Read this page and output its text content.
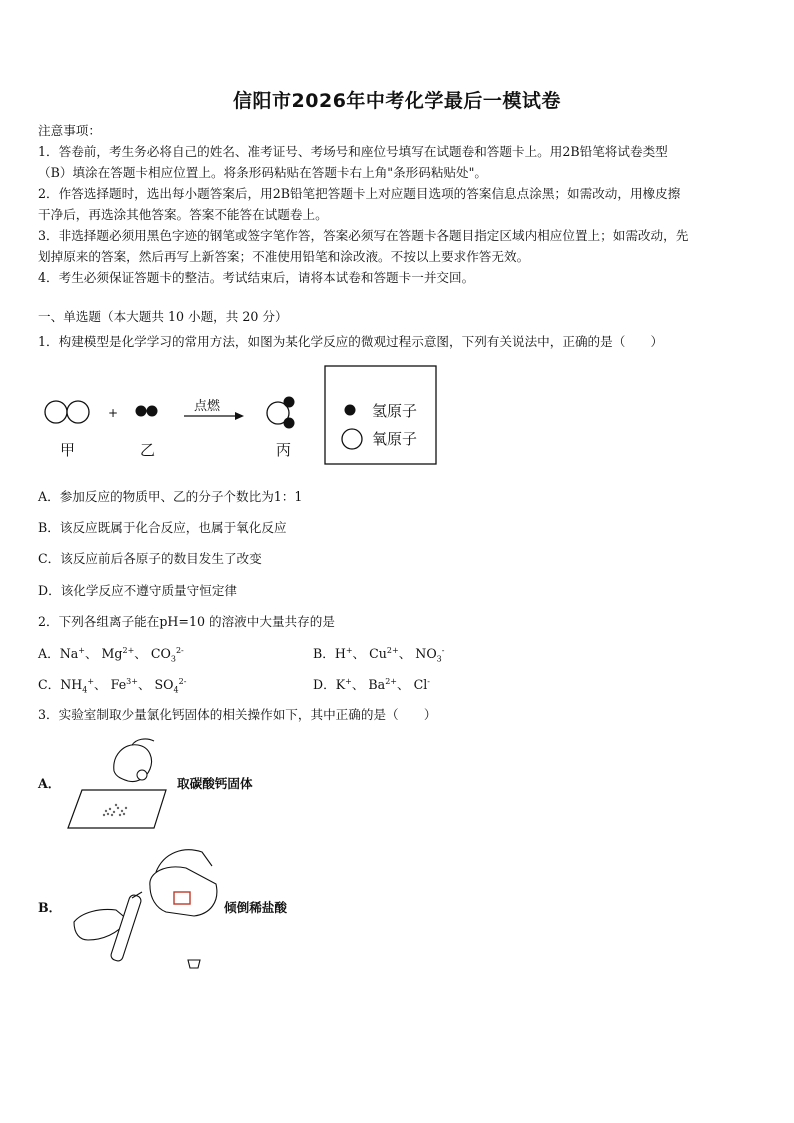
信阳市2026年中考化学最后一模试卷
注意事项：
1．答卷前，考生务必将自己的姓名、准考证号、考场号和座位号填写在试题卷和答题卡上。用2B铅笔将试卷类型
（B）填涂在答题卡相应位置上。将条形码粘贴在答题卡右上角"条形码粘贴处"。
2．作答选择题时，选出每小题答案后，用2B铅笔把答题卡上对应题目选项的答案信息点涂黑；如需改动，用橡皮擦
干净后，再选涂其他答案。答案不能答在试题卷上。
3．非选择题必须用黑色字迹的钢笔或签字笔作答，答案必须写在答题卡各题目指定区域内相应位置上；如需改动，先
划掉原来的答案，然后再写上新答案；不准使用铅笔和涂改液。不按以上要求作答无效。
4．考生必须保证答题卡的整洁。考试结束后，请将本试卷和答题卡一并交回。
一、单选题（本大题共 10 小题，共 20 分）
1．构建模型是化学学习的常用方法，如图为某化学反应的微观过程示意图，下列有关说法中，正确的是（　　）
+	点燃
甲	乙	丙
氢原子
氧原子
A．参加反应的物质甲、乙的分子个数比为1：1
B．该反应既属于化合反应，也属于氧化反应
C．该反应前后各原子的数目发生了改变
D．该化学反应不遵守质量守恒定律
2．下列各组离子能在pH=10 的溶液中大量共存的是
A．Na+、 $Mg^{2+}$、 $CO_3^{2-}$	B．H+、 $Cu^{2+}$、 $NO_3^-$
C．$NH_4^+$、 $Fe^{3+}$、 $SO_4^{2-}$	D．K+、 $Ba^{2+}$、 Cl-
3．实验室制取少量氯化钙固体的相关操作如下，其中正确的是（　　）
A．	取碳酸钙固体
B．	倾倒稀盐酸
